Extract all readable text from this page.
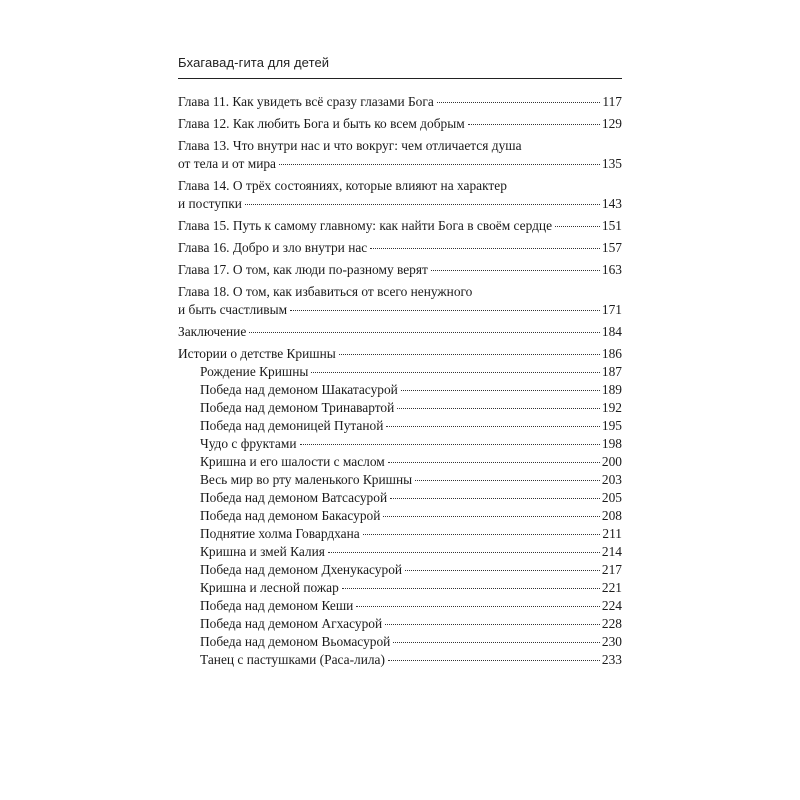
Бхагавад-гита для детей
Глава 11. Как увидеть всё сразу глазами Бога	117
Глава 12. Как любить Бога и быть ко всем добрым	129
Глава 13. Что внутри нас и что вокруг: чем отличается душа
от тела и от мира	135
Глава 14. О трёх состояниях, которые влияют на характер
и поступки	143
Глава 15. Путь к самому главному: как найти Бога в своём сердце	151
Глава 16. Добро и зло внутри нас	157
Глава 17. О том, как люди по-разному верят	163
Глава 18. О том, как избавиться от всего ненужного
и быть счастливым	171
Заключение	184
Истории о детстве Кришны	186
Рождение Кришны	187
Победа над демоном Шакатасурой	189
Победа над демоном Тринавартой	192
Победа над демоницей Путаной	195
Чудо с фруктами	198
Кришна и его шалости с маслом	200
Весь мир во рту маленького Кришны	203
Победа над демоном Ватсасурой	205
Победа над демоном Бакасурой	208
Поднятие холма Говардхана	211
Кришна и змей Калия	214
Победа над демоном Дхенукасурой	217
Кришна и лесной пожар	221
Победа над демоном Кеши	224
Победа над демоном Агхасурой	228
Победа над демоном Вьомасурой	230
Танец с пастушками (Раса-лила)	233
